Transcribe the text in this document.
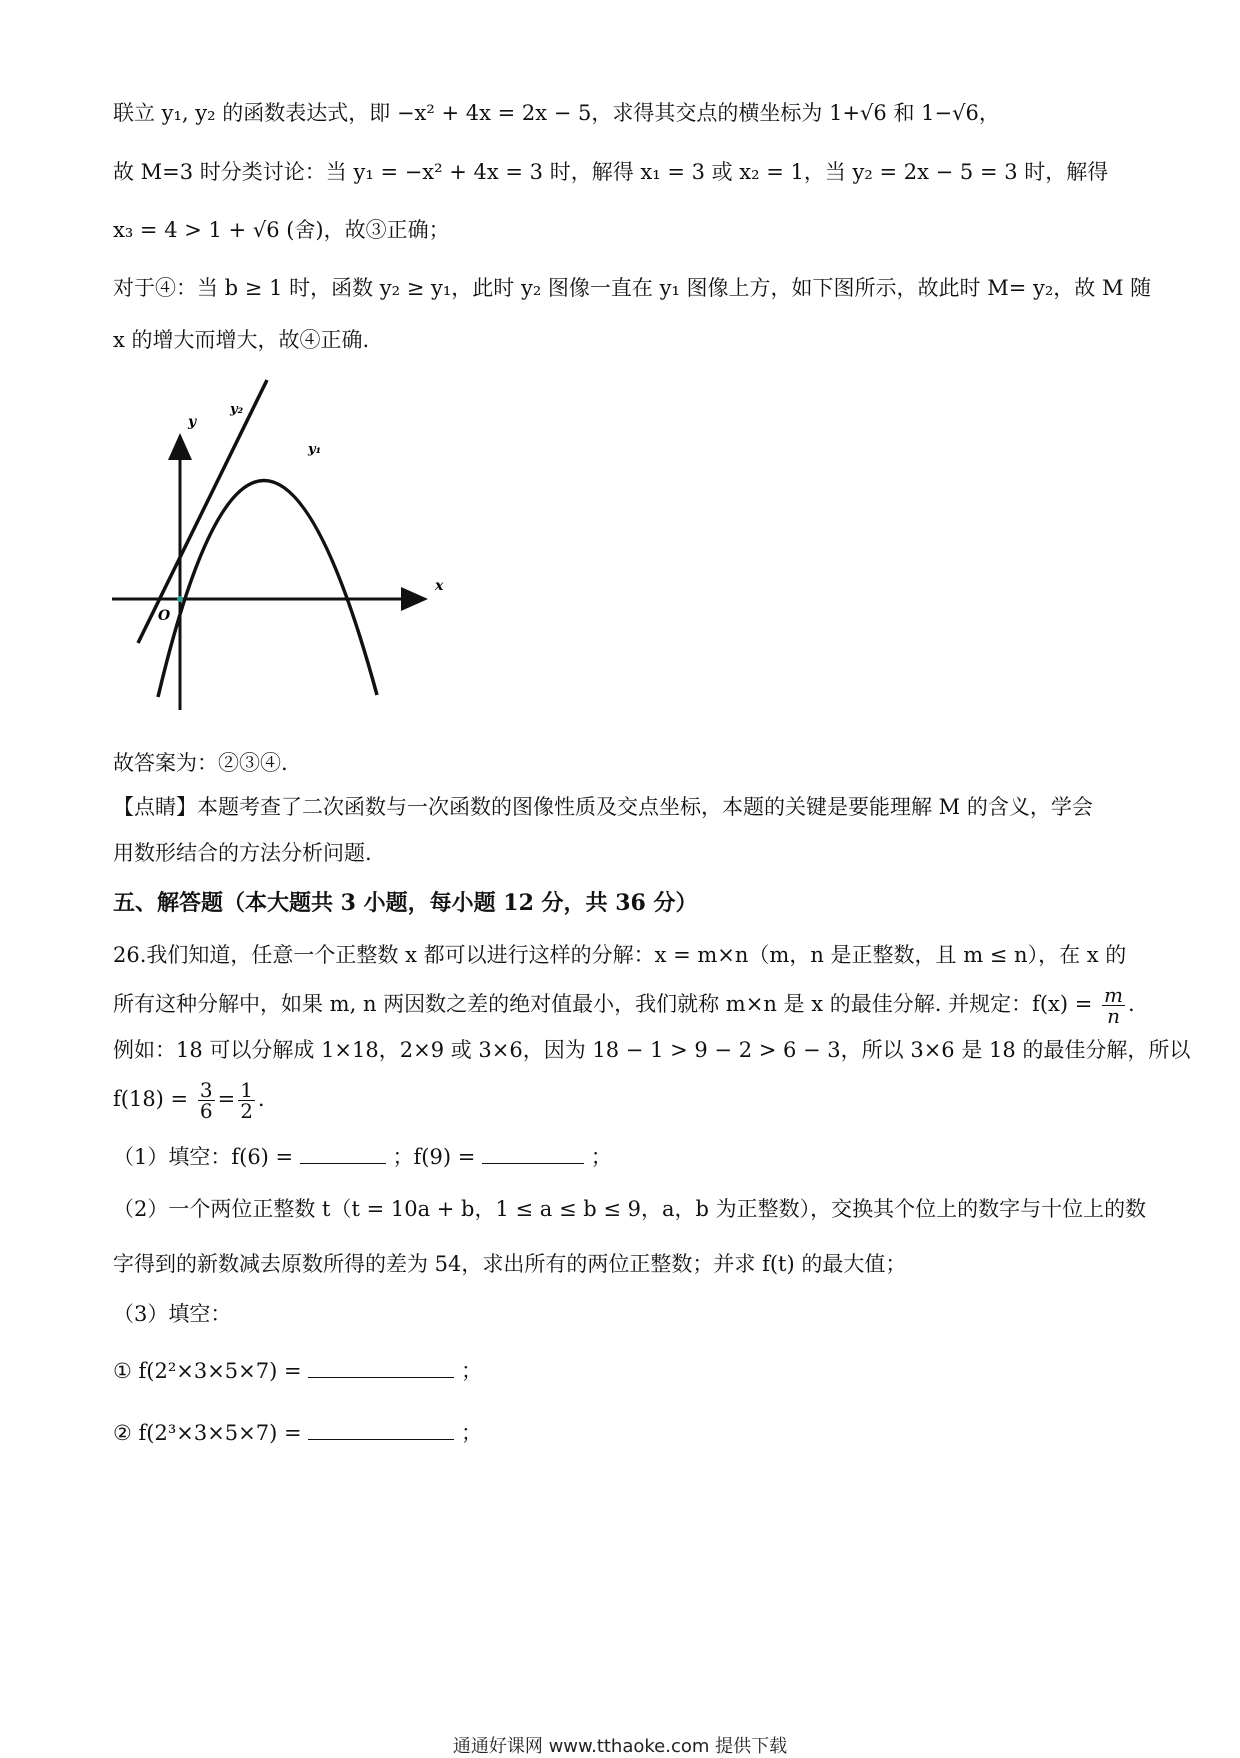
联立 y₁, y₂ 的函数表达式，即 −x² + 4x = 2x − 5，求得其交点的横坐标为 1+√6 和 1−√6，
故 M=3 时分类讨论：当 y₁ = −x² + 4x = 3 时，解得 x₁ = 3 或 x₂ = 1，当 y₂ = 2x − 5 = 3 时，解得
x₃ = 4 > 1 + √6 (舍)，故③正确；
对于④：当 b ≥ 1 时，函数 y₂ ≥ y₁，此时 y₂ 图像一直在 y₁ 图像上方，如下图所示，故此时 M= y₂，故 M 随
x 的增大而增大，故④正确.
y
x
O
y₂
y₁
故答案为：②③④.
【点睛】本题考查了二次函数与一次函数的图像性质及交点坐标，本题的关键是要能理解 M 的含义，学会
用数形结合的方法分析问题.
五、解答题（本大题共 3 小题，每小题 12 分，共 36 分）
26.我们知道，任意一个正整数 x 都可以进行这样的分解：x = m×n（m，n 是正整数，且 m ≤ n），在 x 的
所有这种分解中，如果 m, n 两因数之差的绝对值最小，我们就称 m×n 是 x 的最佳分解. 并规定：$f(x) = \frac{m}{n}$ .
例如：18 可以分解成 1×18，2×9 或 3×6，因为 18 − 1 > 9 − 2 > 6 − 3，所以 3×6 是 18 的最佳分解，所以
$f(18) = \frac{3}{6} = \frac{1}{2}$ .
（1）填空：f(6) =	；f(9) =	；
（2）一个两位正整数 t（t = 10a + b，1 ≤ a ≤ b ≤ 9，a，b 为正整数），交换其个位上的数字与十位上的数
字得到的新数减去原数所得的差为 54，求出所有的两位正整数；并求 f(t) 的最大值；
（3）填空：
① f(2²×3×5×7) =	；
② f(2³×3×5×7) =	；
通通好课网 www.tthaoke.com 提供下载
